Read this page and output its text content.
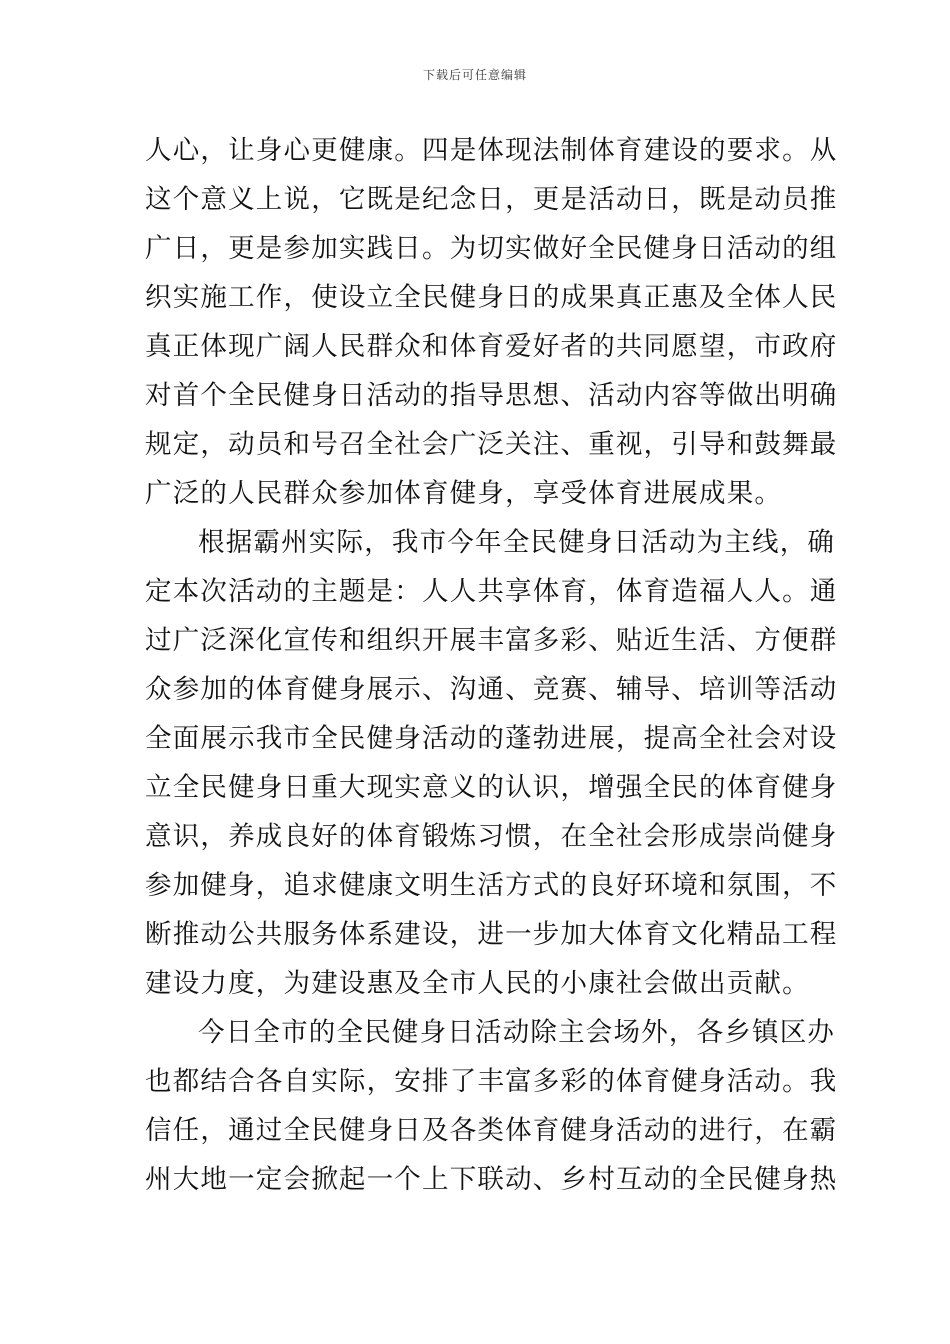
下载后可任意编辑

人心，让身心更健康。四是体现法制体育建设的要求。从
这个意义上说，它既是纪念日，更是活动日，既是动员推
广日，更是参加实践日。为切实做好全民健身日活动的组
织实施工作，使设立全民健身日的成果真正惠及全体人民
真正体现广阔人民群众和体育爱好者的共同愿望，市政府
对首个全民健身日活动的指导思想、活动内容等做出明确
规定，动员和号召全社会广泛关注、重视，引导和鼓舞最
广泛的人民群众参加体育健身，享受体育进展成果。

根据霸州实际，我市今年全民健身日活动为主线，确
定本次活动的主题是：人人共享体育，体育造福人人。通
过广泛深化宣传和组织开展丰富多彩、贴近生活、方便群
众参加的体育健身展示、沟通、竞赛、辅导、培训等活动
全面展示我市全民健身活动的蓬勃进展，提高全社会对设
立全民健身日重大现实意义的认识，增强全民的体育健身
意识，养成良好的体育锻炼习惯，在全社会形成崇尚健身
参加健身，追求健康文明生活方式的良好环境和氛围，不
断推动公共服务体系建设，进一步加大体育文化精品工程
建设力度，为建设惠及全市人民的小康社会做出贡献。

今日全市的全民健身日活动除主会场外，各乡镇区办
也都结合各自实际，安排了丰富多彩的体育健身活动。我
信任，通过全民健身日及各类体育健身活动的进行，在霸
州大地一定会掀起一个上下联动、乡村互动的全民健身热
